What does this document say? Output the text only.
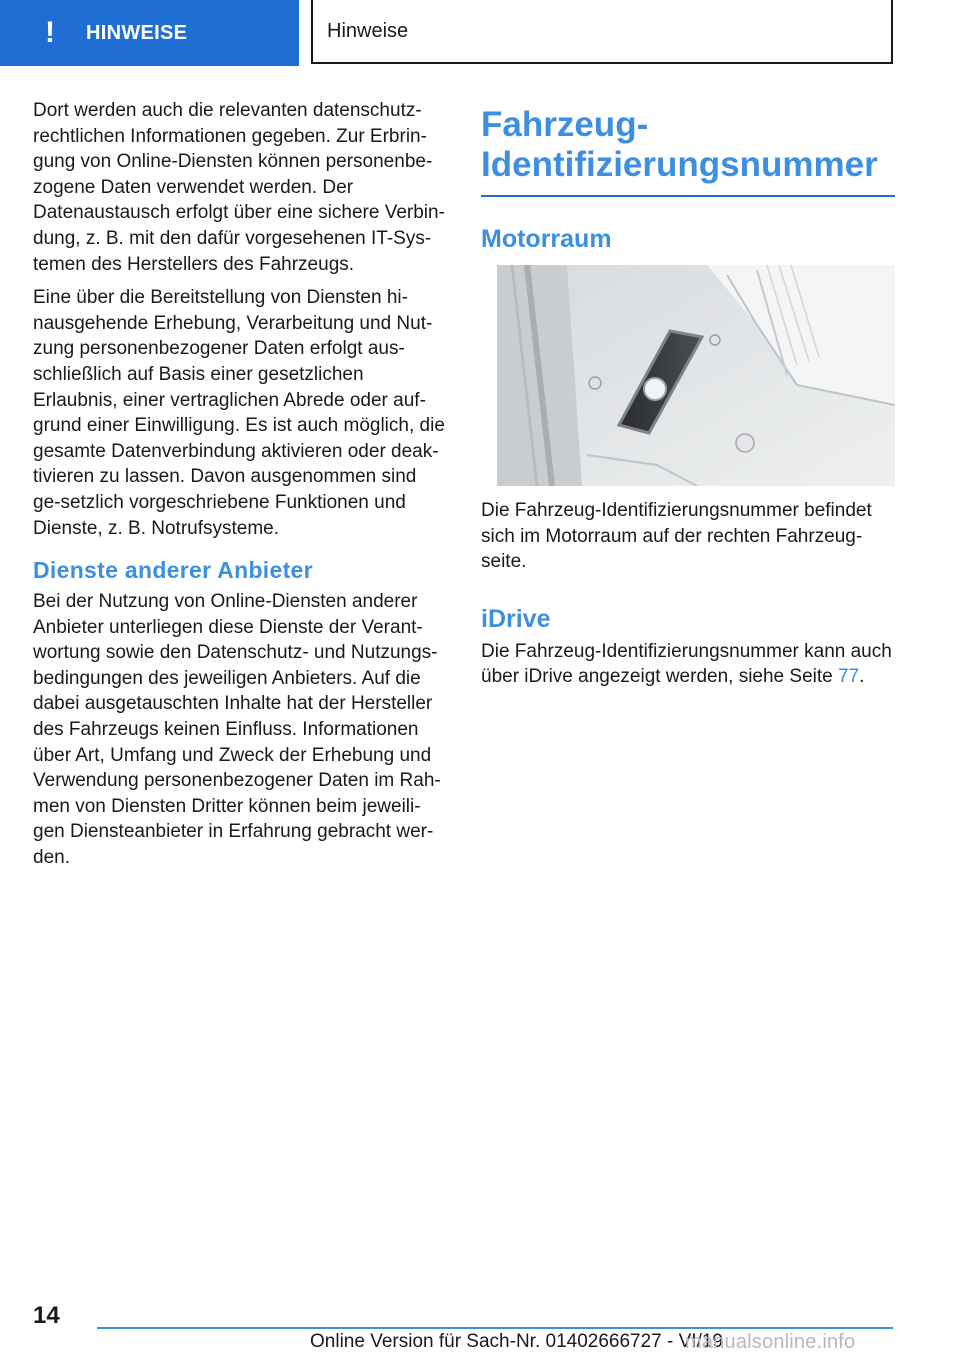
! HINWEISE	Hinweise

Dort werden auch die relevanten datenschutz-rechtlichen Informationen gegeben. Zur Erbrin-gung von Online-Diensten können personenbe-zogene Daten verwendet werden. Der Datenaustausch erfolgt über eine sichere Verbin-dung, z. B. mit den dafür vorgesehenen IT-Sys-temen des Herstellers des Fahrzeugs.

Eine über die Bereitstellung von Diensten hi-nausgehende Erhebung, Verarbeitung und Nut-zung personenbezogener Daten erfolgt aus-schließlich auf Basis einer gesetzlichen Erlaubnis, einer vertraglichen Abrede oder auf-grund einer Einwilligung. Es ist auch möglich, die gesamte Datenverbindung aktivieren oder deak-tivieren zu lassen. Davon ausgenommen sind ge-setzlich vorgeschriebene Funktionen und Dienste, z. B. Notrufsysteme.

Dienste anderer Anbieter

Bei der Nutzung von Online-Diensten anderer Anbieter unterliegen diese Dienste der Verant-wortung sowie den Datenschutz- und Nutzungs-bedingungen des jeweiligen Anbieters. Auf die dabei ausgetauschten Inhalte hat der Hersteller des Fahrzeugs keinen Einfluss. Informationen über Art, Umfang und Zweck der Erhebung und Verwendung personenbezogener Daten im Rah-men von Diensten Dritter können beim jeweili-gen Diensteanbieter in Erfahrung gebracht wer-den.

Fahrzeug-
Identifizierungsnummer
Motorraum

Die Fahrzeug-Identifizierungsnummer befindet sich im Motorraum auf der rechten Fahrzeug-seite.

iDrive

Die Fahrzeug-Identifizierungsnummer kann auch über iDrive angezeigt werden, siehe Seite 77.

14
Online Version für Sach-Nr. 01402666727 - VI/19
manualsonline.info
